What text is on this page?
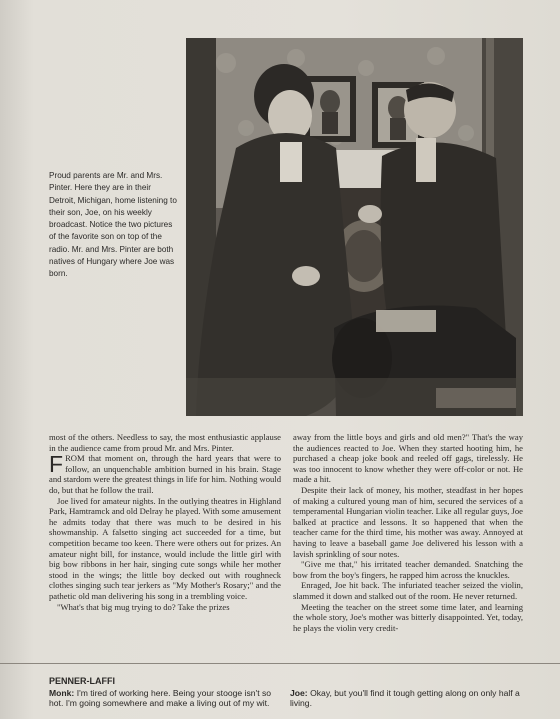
Proud parents are Mr. and Mrs. Pinter. Here they are in their Detroit, Michigan, home listening to their son, Joe, on his weekly broadcast. Notice the two pictures of the favorite son on top of the radio. Mr. and Mrs. Pinter are both natives of Hungary where Joe was born.

most of the others. Needless to say, the most enthusiastic applause in the audience came from proud Mr. and Mrs. Pinter.

FROM that moment on, through the hard years that were to follow, an unquenchable ambition burned in his brain. Stage and stardom were the greatest things in life for him. Nothing would do, but that he follow the trail.

Joe lived for amateur nights. In the outlying theatres in Highland Park, Hamtramck and old Delray he played. With some amusement he admits today that there was much to be desired in his showmanship. A falsetto singing act succeeded for a time, but competition became too keen. There were others out for prizes. An amateur night bill, for instance, would include the little girl with big bow ribbons in her hair, singing cute songs while her mother stood in the wings; the little boy decked out with roughneck clothes singing such tear jerkers as "My Mother's Rosary;" and the pathetic old man delivering his song in a trembling voice.

"What's that big mug trying to do? Take the prizes

away from the little boys and girls and old men?" That's the way the audiences reacted to Joe. When they started hooting him, he purchased a cheap joke book and reeled off gags, tirelessly. He was too innocent to know whether they were off-color or not. He made a hit.

Despite their lack of money, his mother, steadfast in her hopes of making a cultured young man of him, secured the services of a temperamental Hungarian violin teacher. Like all regular guys, Joe balked at practice and lessons. It so happened that when the teacher came for the third time, his mother was away. Annoyed at having to leave a baseball game Joe delivered his lesson with a lavish sprinkling of sour notes.

"Give me that," his irritated teacher demanded. Snatching the bow from the boy's fingers, he rapped him across the knuckles.

Enraged, Joe hit back. The infuriated teacher seized the violin, slammed it down and stalked out of the room. He never returned.

Meeting the teacher on the street some time later, and learning the whole story, Joe's mother was bitterly disappointed. Yet, today, he plays the violin very credit-

PENNER-LAFFI
Monk: I'm tired of working here. Being your stooge isn't so hot. I'm going somewhere and make a living out of my wit.
Joe: Okay, but you'll find it tough getting along on only half a living.
